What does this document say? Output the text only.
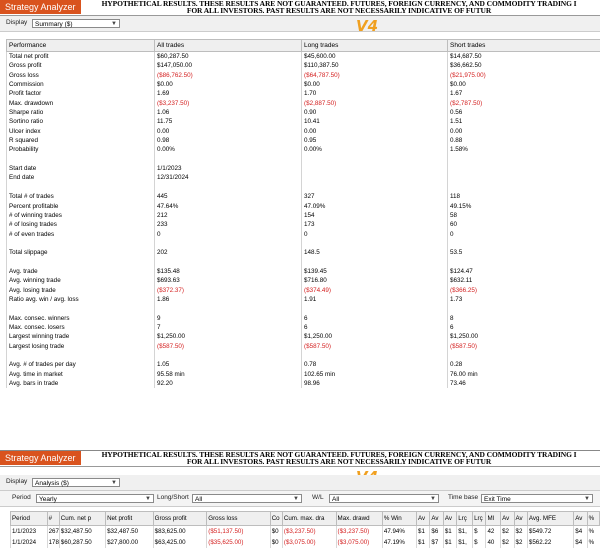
Strategy Analyzer	HYPOTHETICAL RESULTS. THESE RESULTS ARE NOT GUARANTEED. FUTURES, FOREIGN CURRENCY, AND COMMODITY TRADING I
FOR ALL INVESTORS. PAST RESULTS ARE NOT NECESSARILY INDICATIVE OF FUTUR
Display	Summary ($)	▼	V4
Performance	All trades	Long trades	Short trades
Total net profit	$60,287.50	$45,600.00	$14,687.50
Gross profit	$147,050.00	$110,387.50	$36,662.50
Gross loss	($86,762.50)	($64,787.50)	($21,975.00)
Commission	$0.00	$0.00	$0.00
Profit factor	1.69	1.70	1.67
Max. drawdown	($3,237.50)	($2,887.50)	($2,787.50)
Sharpe ratio	1.06	0.90	0.56
Sortino ratio	11.75	10.41	1.51
Ulcer index	0.00	0.00	0.00
R squared	0.98	0.95	0.88
Probability	0.00%	0.00%	1.58%

Start date	1/1/2023		
End date	12/31/2024		

Total # of trades	445	327	118
Percent profitable	47.64%	47.09%	49.15%
# of winning trades	212	154	58
# of losing trades	233	173	60
# of even trades	0	0	0

Total slippage	202	148.5	53.5

Avg. trade	$135.48	$139.45	$124.47
Avg. winning trade	$693.63	$716.80	$632.11
Avg. losing trade	($372.37)	($374.49)	($366.25)
Ratio avg. win / avg. loss	1.86	1.91	1.73

Max. consec. winners	9	6	8
Max. consec. losers	7	6	6
Largest winning trade	$1,250.00	$1,250.00	$1,250.00
Largest losing trade	($587.50)	($587.50)	($587.50)

Avg. # of trades per day	1.05	0.78	0.28
Avg. time in market	95.58 min	102.65 min	76.00 min
Avg. bars in trade	92.20	98.96	73.46
Strategy Analyzer	HYPOTHETICAL RESULTS. THESE RESULTS ARE NOT GUARANTEED. FUTURES, FOREIGN CURRENCY, AND COMMODITY TRADING I
FOR ALL INVESTORS. PAST RESULTS ARE NOT NECESSARILY INDICATIVE OF FUTUR
Display	Analysis ($)	▼
Period	Yearly	▼ Long/Short All	▼ W/L	All	▼ Time base Exit Time	▼
Period	#	Cum. net p	Net profit	Gross profit	Gross loss	Co	Cum. max. dra	Max. drawd	% Win	Av	Av	Av	Lrç	Lrç	Ml	Av	Av	Avg. MFE	Av	%
1/1/2023	267	$32,487.50	$32,487.50	$83,625.00	($51,137.50)	$0	($3,237.50)	($3,237.50)	47.94%	$1	$6	$1	$1,	$	42	$2	$2	$549.72	$4	%
1/1/2024	178	$60,287.50	$27,800.00	$63,425.00	($35,625.00)	$0	($3,075.00)	($3,075.00)	47.19%	$1	$7	$1	$1,	$	40	$2	$2	$562.22	$4	%
